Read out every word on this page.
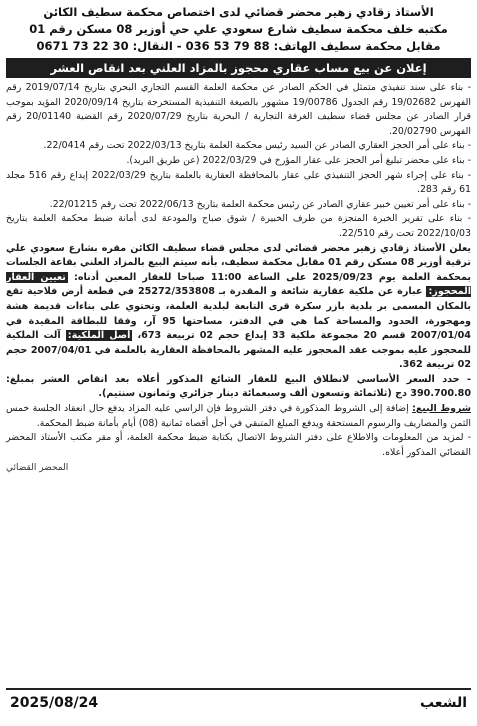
الأستاذ زقادي زهير محضر قضائي لدى اختصاص محكمة سطيف الكائن
مكتبه خلف محكمة سطيف شارع سعودي علي حي أوزير 08 مسكن رقم 01
مقابل محكمة سطيف الهاتف: 88 79 53 036 - النقال: 30 22 73 0671
إعلان عن بيع مساب عقاري محجوز بالمزاد العلني بعد انقاص العشر

- بناء على سند تنفيذي متمثل في الحكم الصادر عن محكمة العلمة القسم التجاري البحري بتاريخ 2019/07/14 رقم الفهرس 19/02682 رقم الجدول 19/00786 مشهور بالصيغة التنفيذية المستخرجة بتاريخ 2020/09/14 المؤيد بموجب قرار الصادر عن مجلس قضاء سطيف الغرفة التجارية / البحرية بتاريخ 2020/07/29 رقم القضية 20/01140 رقم الفهرس 20/02790.

- بناء على أمر الحجز العقاري الصادر عن السيد رئيس محكمة العلمة بتاريخ 2022/03/13 تحت رقم 22/0414.

- بناء على محضر تبليغ أمر الحجز على عقار المؤرخ في 2022/03/29 (عن طريق البريد).

- بناء على إجراء شهر الحجز التنفيذي على عقار بالمحافظة العقارية بالعلمة بتاريخ 2022/03/29 إيداع رقم 516 مجلد 61 رقم 283.

- بناء على أمر تعيين خبير عقاري الصادر عن رئيس محكمة العلمة بتاريخ 2022/06/13 تحت رقم 22/01215.

- بناء على تقرير الخبرة المنجزة من طرف الخبيرة / شوق صباح والمودعة لدى أمانة ضبط محكمة العلمة بتاريخ 2022/10/03 تحت رقم 22/510.

يعلن الأستاذ زقادي زهير محضر قضائي لدى مجلس قضاء سطيف الكائن مقره بشارع سعودي علي ترقية أوزير 08 مسكن رقم 01 مقابل محكمة سطيف، بأنه سيتم البيع بالمزاد العلني بقاعة الجلسات بمحكمة العلمة يوم 2025/09/23 على الساعة 11:00 صباحا للعقار المعين أدناه: تعيين العقار المحجوز: عبارة عن ملكية عقارية شائعة و المقدرة بـ 25272/353808 في قطعة أرض فلاحية تقع بالمكان المسمى بر بلدية بازر سكرة قرى التابعة لبلدية العلمة، وتحتوي على بناءات قديمة هشة ومهجورة، الحدود والمساحة كما هي في الدفتر، مساحتها 95 آر، وفقا للبطاقة المقيدة في 2007/01/04 قسم 20 مجموعة ملكية 33 إيداع حجم 02 تربيعة 673، أصل الملكية: آلت الملكية للمحجوز عليه بموجب عقد المحجوز عليه المشهر بالمحافظة العقارية بالعلمة في 2007/04/01 حجم 02 تربيعة 362.

- حدد السعر الأساسي لانطلاق البيع للعقار الشائع المذكور أعلاه بعد انقاص العشر بمبلغ: 390.700.80 دج (ثلاثمائة وتسعون ألف وسبعمائة دينار جزائري وثمانون سنتيم).

شروط البيع: إضافة إلى الشروط المذكورة في دفتر الشروط فإن الراسي عليه المزاد يدفع حال انعقاد الجلسة خمس الثمن والمصاريف والرسوم المستحقة ويدفع المبلغ المتبقي في أجل أقصاه ثمانية (08) أيام بأمانة ضبط المحكمة.

- لمزيد من المعلومات والاطلاع على دفتر الشروط الاتصال بكتابة ضبط محكمة العلمة، أو مقر مكتب الأستاذ المحضر القضائي المذكور أعلاه.

المحضر القضائي
الشعب
2025/08/24
